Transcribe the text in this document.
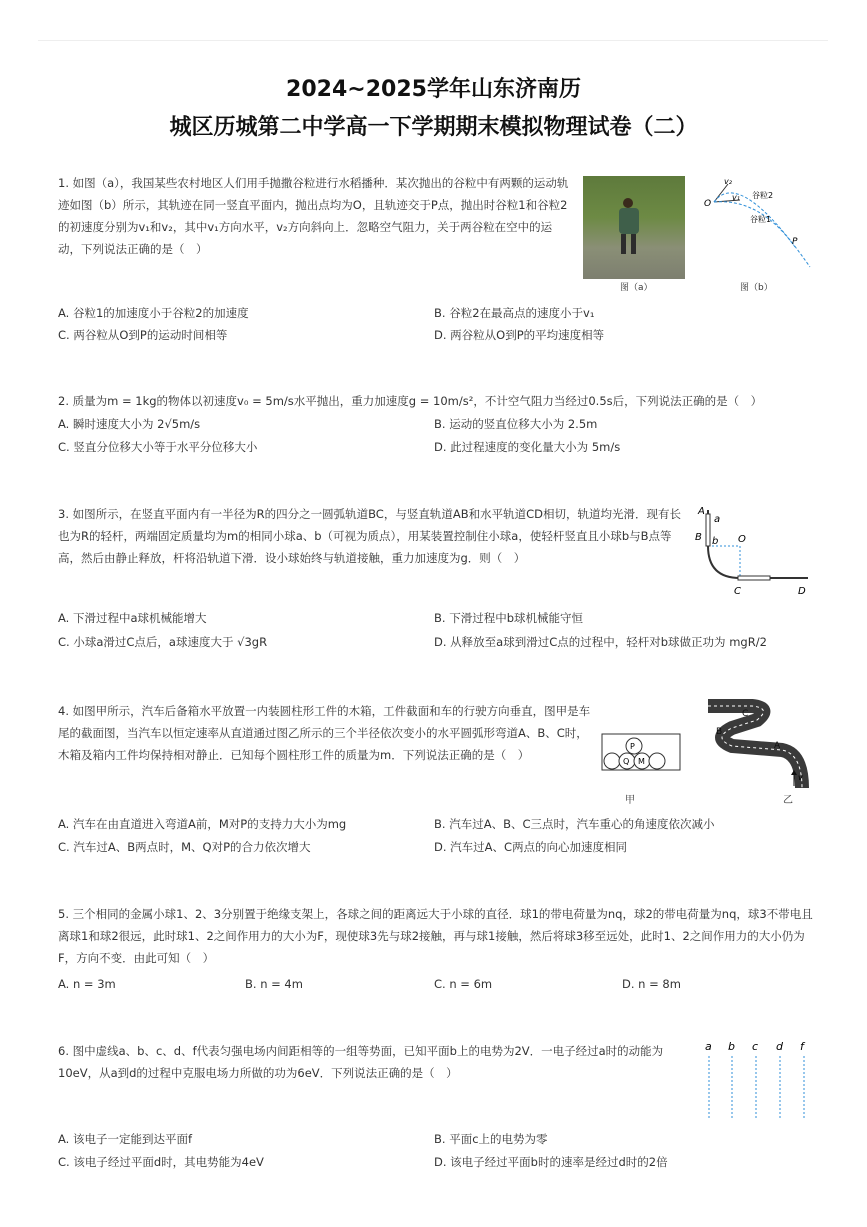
2024~2025学年山东济南历
城区历城第二中学高一下学期期末模拟物理试卷（二）
1. 如图（a），我国某些农村地区人们用手抛撒谷粒进行水稻播种．某次抛出的谷粒中有两颗的运动轨迹如图（b）所示，其轨迹在同一竖直平面内，抛出点均为O，且轨迹交于P点，抛出时谷粒1和谷粒2的初速度分别为v₁和v₂，其中v₁方向水平，v₂方向斜向上．忽略空气阻力，关于两谷粒在空中的运动，下列说法正确的是（　）
图（a）
O
v₂
v₁
P
谷粒2
谷粒1
图（b）
A. 谷粒1的加速度小于谷粒2的加速度	B. 谷粒2在最高点的速度小于v₁
C. 两谷粒从O到P的运动时间相等	D. 两谷粒从O到P的平均速度相等
2. 质量为m = 1kg的物体以初速度v₀ = 5m/s水平抛出，重力加速度g = 10m/s²，不计空气阻力当经过0.5s后，下列说法正确的是（　）
A. 瞬时速度大小为 2√5m/s	B. 运动的竖直位移大小为 2.5m
C. 竖直分位移大小等于水平分位移大小	D. 此过程速度的变化量大小为 5m/s
3. 如图所示，在竖直平面内有一半径为R的四分之一圆弧轨道BC，与竖直轨道AB和水平轨道CD相切，轨道均光滑．现有长也为R的轻杆，两端固定质量均为m的相同小球a、b（可视为质点），用某装置控制住小球a，使轻杆竖直且小球b与B点等高，然后由静止释放，杆将沿轨道下滑．设小球始终与轨道接触，重力加速度为g．则（　）
A
a
B b O
C	D
A. 下滑过程中a球机械能增大	B. 下滑过程中b球机械能守恒
C. 小球a滑过C点后，a球速度大于 √3gR	D. 从释放至a球到滑过C点的过程中，轻杆对b球做正功为 mgR/2
4. 如图甲所示，汽车后备箱水平放置一内装圆柱形工件的木箱，工件截面和车的行驶方向垂直，图甲是车尾的截面图，当汽车以恒定速率从直道通过图乙所示的三个半径依次变小的水平圆弧形弯道A、B、C时，木箱及箱内工件均保持相对静止．已知每个圆柱形工件的质量为m．下列说法正确的是（　）
P
Q M
甲
C
B
A
v
乙
A. 汽车在由直道进入弯道A前，M对P的支持力大小为mg	B. 汽车过A、B、C三点时，汽车重心的角速度依次减小
C. 汽车过A、B两点时，M、Q对P的合力依次增大	D. 汽车过A、C两点的向心加速度相同
5. 三个相同的金属小球1、2、3分别置于绝缘支架上，各球之间的距离远大于小球的直径．球1的带电荷量为nq，球2的带电荷量为nq，球3不带电且离球1和球2很远，此时球1、2之间作用力的大小为F，现使球3先与球2接触，再与球1接触，然后将球3移至远处，此时1、2之间作用力的大小仍为F，方向不变．由此可知（　）
A. n = 3m	B. n = 4m	C. n = 6m	D. n = 8m
6. 图中虚线a、b、c、d、f代表匀强电场内间距相等的一组等势面，已知平面b上的电势为2V．一电子经过a时的动能为10eV，从a到d的过程中克服电场力所做的功为6eV．下列说法正确的是（　）
a b c d f
A. 该电子一定能到达平面f	B. 平面c上的电势为零
C. 该电子经过平面d时，其电势能为4eV	D. 该电子经过平面b时的速率是经过d时的2倍
